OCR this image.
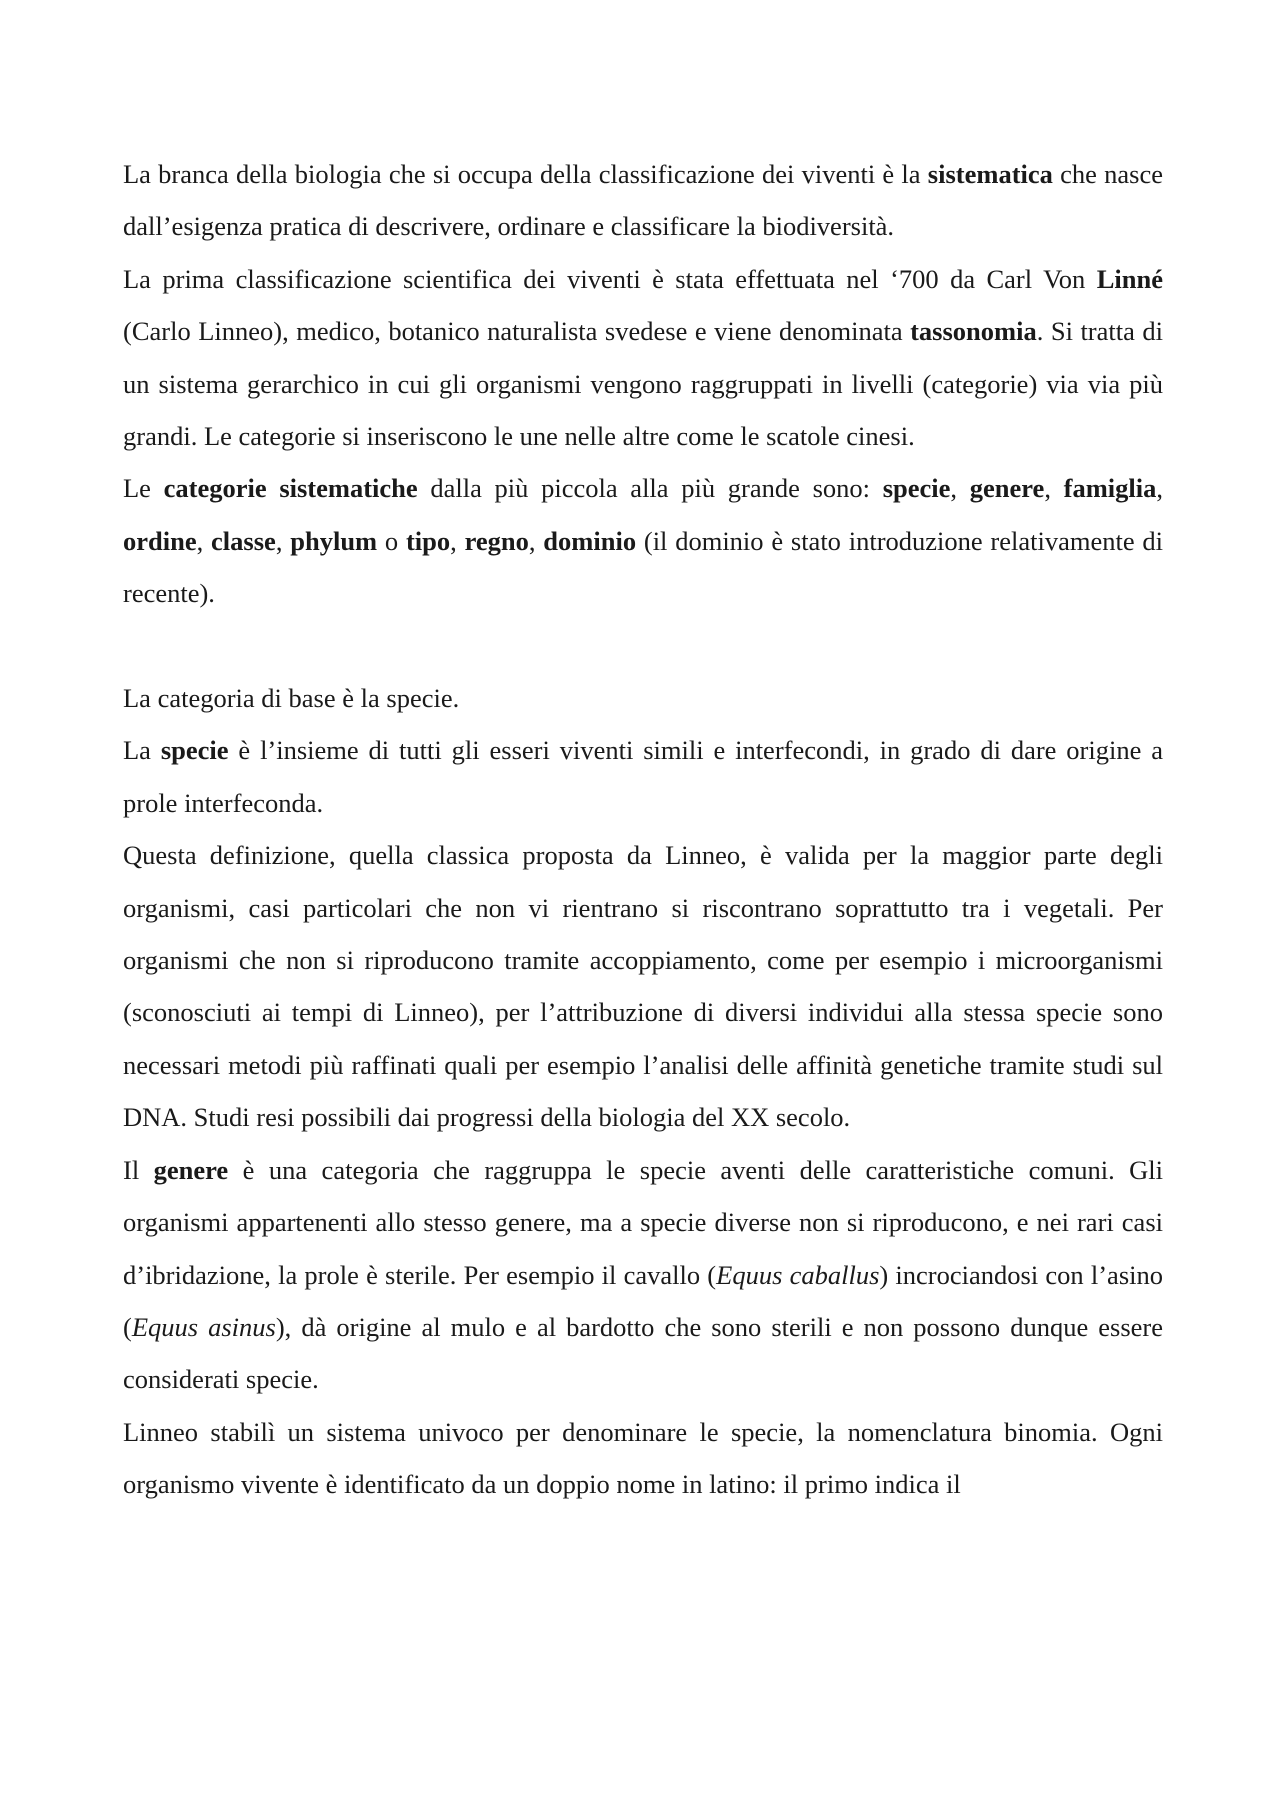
La branca della biologia che si occupa della classificazione dei viventi è la sistematica che nasce dall’esigenza pratica di descrivere, ordinare e classificare la biodiversità.

La prima classificazione scientifica dei viventi è stata effettuata nel ‘700 da Carl Von Linné (Carlo Linneo), medico, botanico naturalista svedese e viene denominata tassonomia. Si tratta di un sistema gerarchico in cui gli organismi vengono raggruppati in livelli (categorie) via via più grandi. Le categorie si inseriscono le une nelle altre come le scatole cinesi.

Le categorie sistematiche dalla più piccola alla più grande sono: specie, genere, famiglia, ordine, classe, phylum o tipo, regno, dominio (il dominio è stato introduzione relativamente di recente).

La categoria di base è la specie.

La specie è l’insieme di tutti gli esseri viventi simili e interfecondi, in grado di dare origine a prole interfeconda.

Questa definizione, quella classica proposta da Linneo, è valida per la maggior parte degli organismi, casi particolari che non vi rientrano si riscontrano soprattutto tra i vegetali. Per organismi che non si riproducono tramite accoppiamento, come per esempio i microorganismi (sconosciuti ai tempi di Linneo), per l’attribuzione di diversi individui alla stessa specie sono necessari metodi più raffinati quali per esempio l’analisi delle affinità genetiche tramite studi sul DNA. Studi resi possibili dai progressi della biologia del XX secolo.

Il genere è una categoria che raggruppa le specie aventi delle caratteristiche comuni. Gli organismi appartenenti allo stesso genere, ma a specie diverse non si riproducono, e nei rari casi d’ibridazione, la prole è sterile. Per esempio il cavallo (Equus caballus) incrociandosi con l’asino (Equus asinus), dà origine al mulo e al bardotto che sono sterili e non possono dunque essere considerati specie.

Linneo stabilì un sistema univoco per denominare le specie, la nomenclatura binomia. Ogni organismo vivente è identificato da un doppio nome in latino: il primo indica il
